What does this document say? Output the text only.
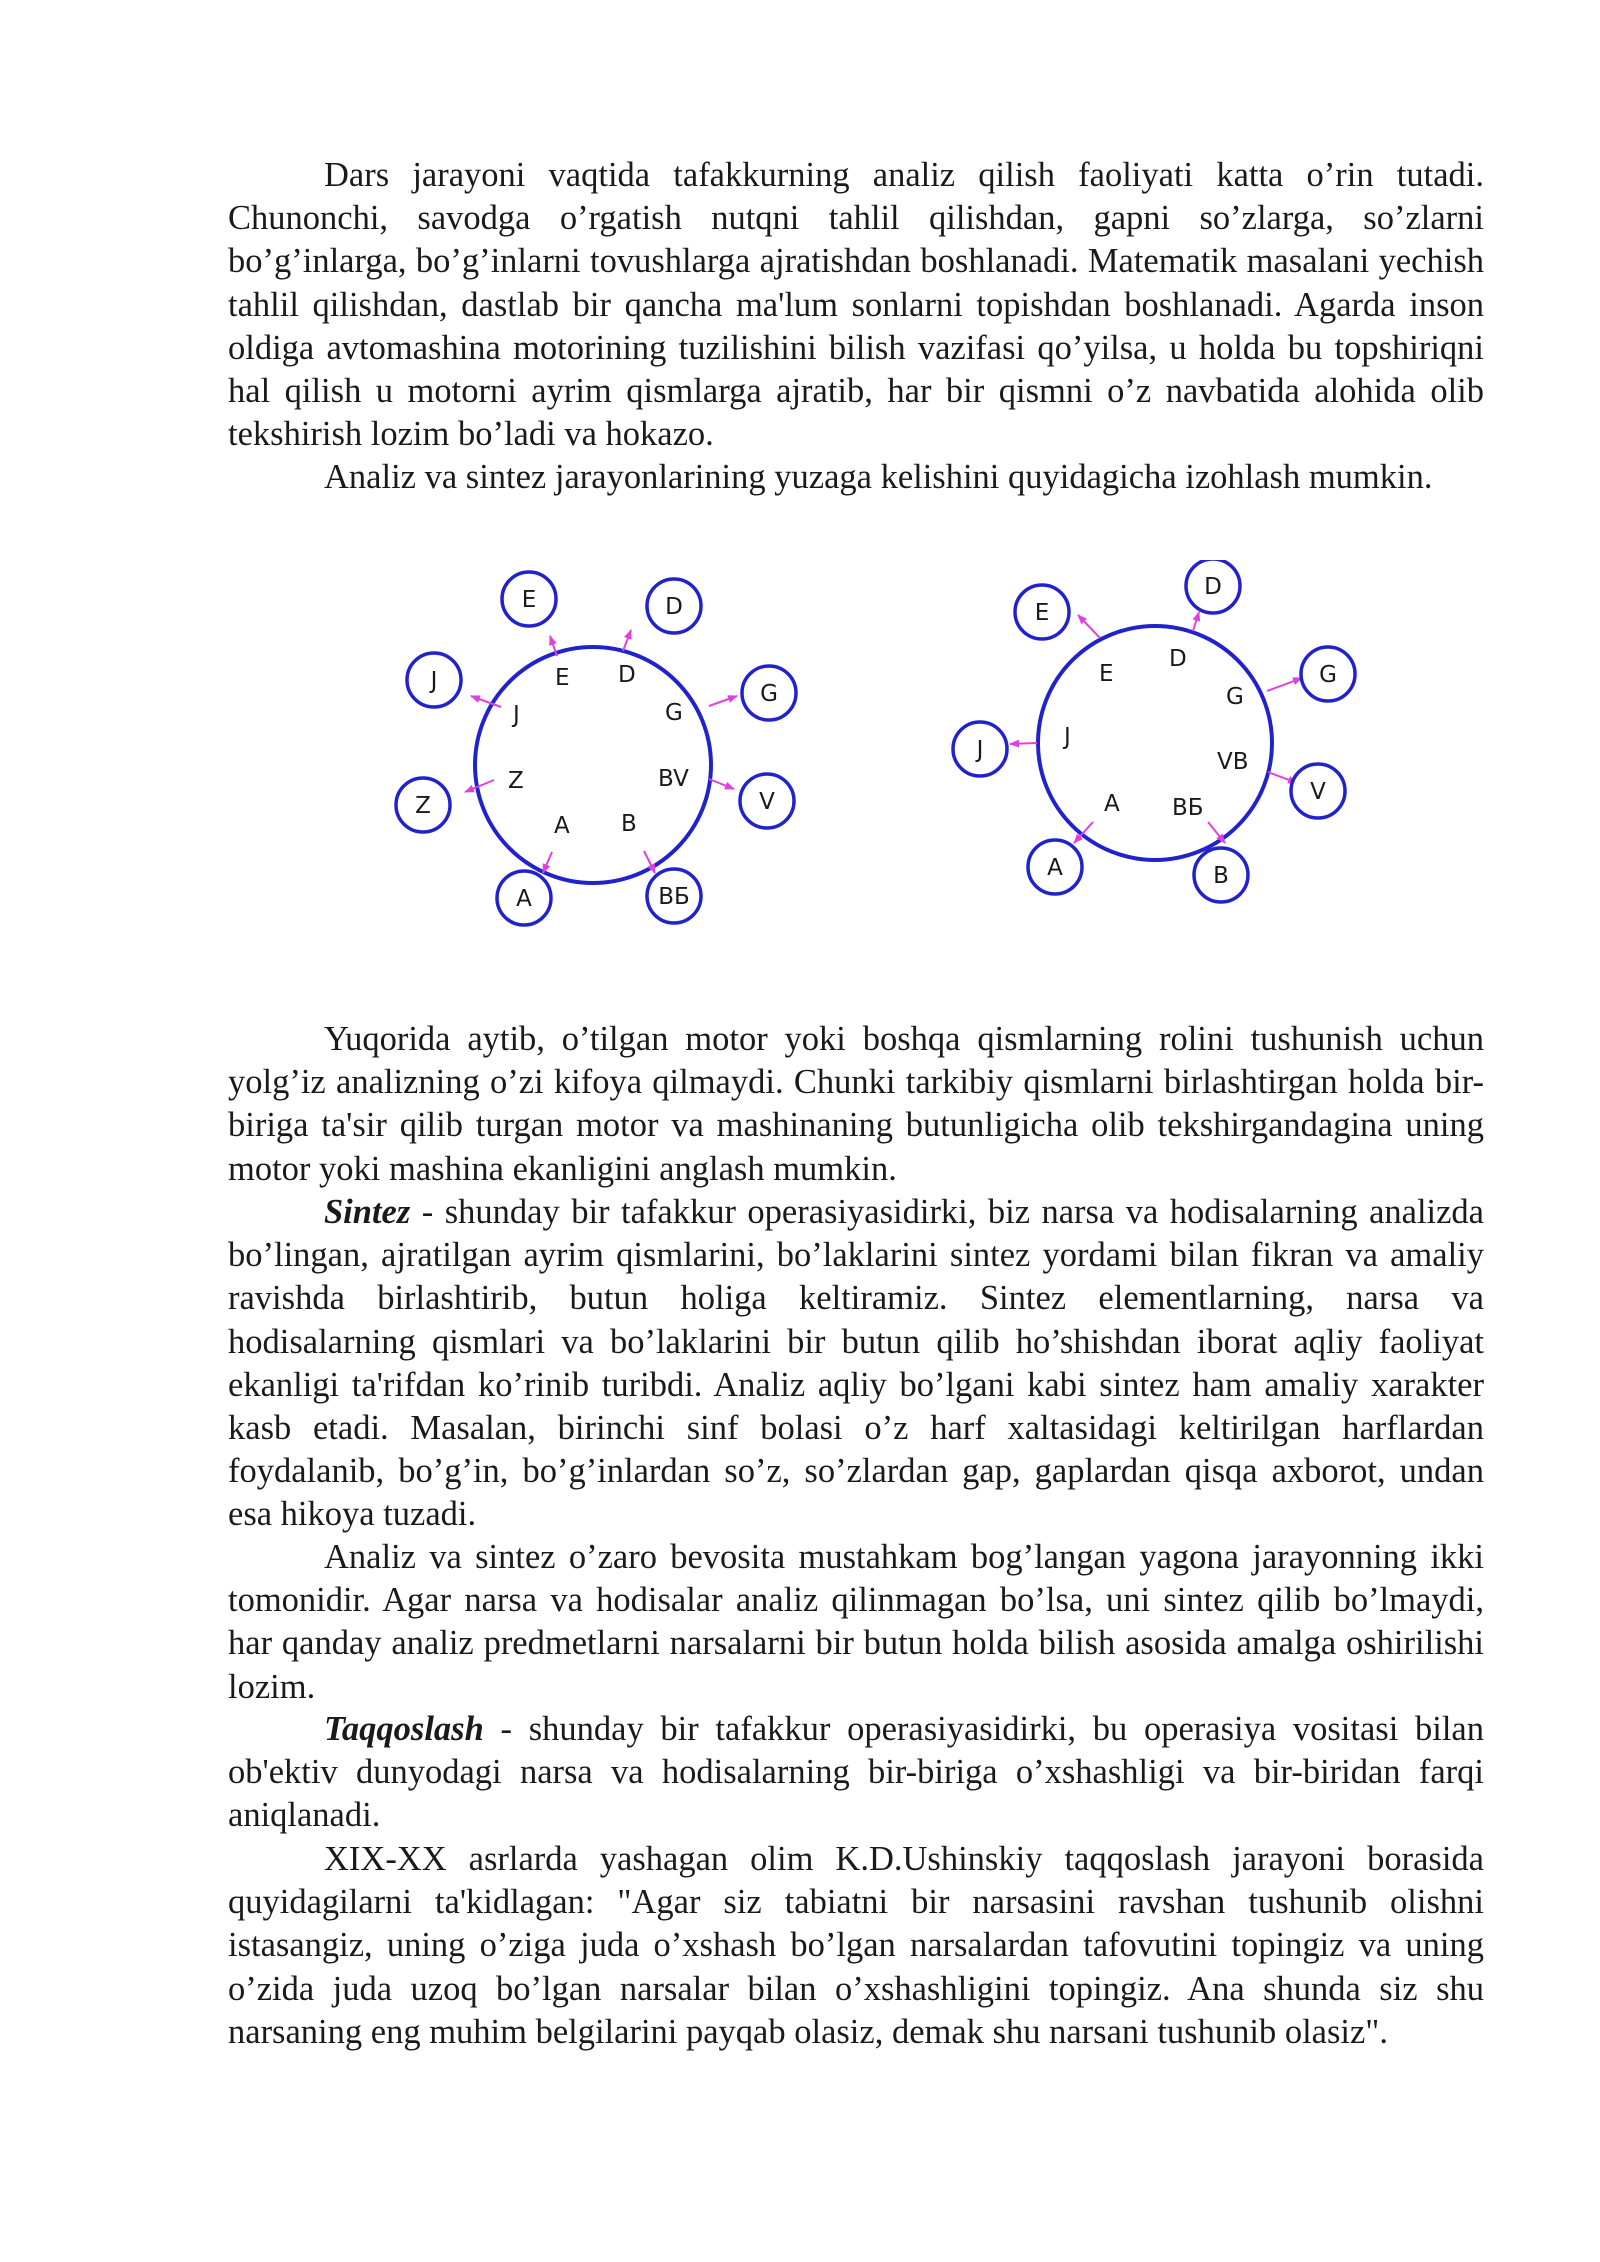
Dars jarayoni vaqtida tafakkurning analiz qilish faoliyati katta o’rin tutadi. Chunonchi, savodga o’rgatish nutqni tahlil qilishdan, gapni so’zlarga, so’zlarni bo’g’inlarga, bo’g’inlarni tovushlarga ajratishdan boshlanadi. Matematik masalani yechish tahlil qilishdan, dastlab bir qancha ma'lum sonlarni topishdan boshlanadi. Agarda inson oldiga avtomashina motorining tuzilishini bilish vazifasi qo’yilsa, u holda bu topshiriqni hal qilish u motorni ayrim qismlarga ajratib, har bir qismni o’z navbatida alohida olib tekshirish lozim bo’ladi va hokazo.

Analiz va sintez jarayonlarining yuzaga kelishini quyidagicha izohlash mumkin.

E D
J	G
Z	BV
A B
E	D
J	G
Z	V
A	ВБ
E
D
G
J
VB
A ВБ
E
D
G
J
V
A	B

Yuqorida aytib, o’tilgan motor yoki boshqa qismlarning rolini tushunish uchun yolg’iz analizning o’zi kifoya qilmaydi. Chunki tarkibiy qismlarni birlashtirgan holda bir-biriga ta'sir qilib turgan motor va mashinaning butunligicha olib tekshirgandagina uning motor yoki mashina ekanligini anglash mumkin.

Sintez - shunday bir tafakkur operasiyasidirki, biz narsa va hodisalarning analizda bo’lingan, ajratilgan ayrim qismlarini, bo’laklarini sintez yordami bilan fikran va amaliy ravishda birlashtirib, butun holiga keltiramiz. Sintez elementlarning, narsa va hodisalarning qismlari va bo’laklarini bir butun qilib ho’shishdan iborat aqliy faoliyat ekanligi ta'rifdan ko’rinib turibdi. Analiz aqliy bo’lgani kabi sintez ham amaliy xarakter kasb etadi. Masalan, birinchi sinf bolasi o’z harf xaltasidagi keltirilgan harflardan foydalanib, bo’g’in, bo’g’inlardan so’z, so’zlardan gap, gaplardan qisqa axborot, undan esa hikoya tuzadi.

Analiz va sintez o’zaro bevosita mustahkam bog’langan yagona jarayonning ikki tomonidir. Agar narsa va hodisalar analiz qilinmagan bo’lsa, uni sintez qilib bo’lmaydi, har qanday analiz predmetlarni narsalarni bir butun holda bilish asosida amalga oshirilishi lozim.

Taqqoslash - shunday bir tafakkur operasiyasidirki, bu operasiya vositasi bilan ob'ektiv dunyodagi narsa va hodisalarning bir-biriga o’xshashligi va bir-biridan farqi aniqlanadi.

XIX-XX asrlarda yashagan olim K.D.Ushinskiy taqqoslash jarayoni borasida quyidagilarni ta'kidlagan: "Agar siz tabiatni bir narsasini ravshan tushunib olishni istasangiz, uning o’ziga juda o’xshash bo’lgan narsalardan tafovutini topingiz va uning o’zida juda uzoq bo’lgan narsalar bilan o’xshashligini topingiz. Ana shunda siz shu narsaning eng muhim belgilarini payqab olasiz, demak shu narsani tushunib olasiz".
